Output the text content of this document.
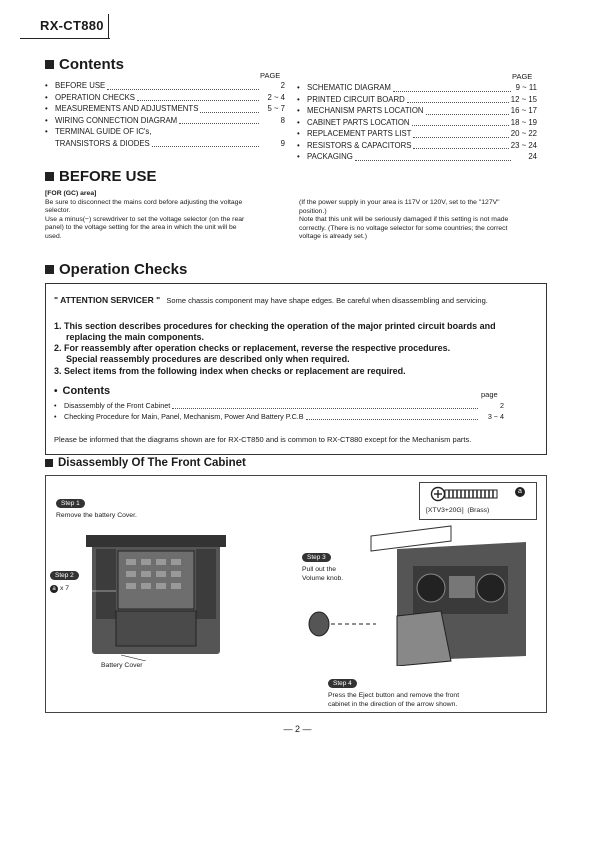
RX-CT880
Contents
PAGE
• BEFORE USE	2
• OPERATION CHECKS	2 ~ 4
• MEASUREMENTS AND ADJUSTMENTS	5 ~ 7
• WIRING CONNECTION DIAGRAM	8
• TERMINAL GUIDE OF IC's,
TRANSISTORS & DIODES	9
PAGE
• SCHEMATIC DIAGRAM	9 ~ 11
• PRINTED CIRCUIT BOARD	12 ~ 15
• MECHANISM PARTS LOCATION	16 ~ 17
• CABINET PARTS LOCATION	18 ~ 19
• REPLACEMENT PARTS LIST	20 ~ 22
• RESISTORS & CAPACITORS	23 ~ 24
• PACKAGING	24
BEFORE USE
[FOR (GC) area]
Be sure to disconnect the mains cord before adjusting the voltage
selector.
Use a minus(−) screwdriver to set the voltage selector (on the rear
panel) to the voltage setting for the area in which the unit will be
used.
(If the power supply in your area is 117V or 120V, set to the "127V"
position.)
Note that this unit will be seriously damaged if this setting is not made
correctly. (There is no voltage selector for some countries; the correct
voltage is already set.)
Operation Checks
" ATTENTION SERVICER " Some chassis component may have shape edges. Be careful when disassembling and servicing.
1. This section describes procedures for checking the operation of the major printed circuit boards and
replacing the main components.
2. For reassembly after operation checks or replacement, reverse the respective procedures.
Special reassembly procedures are described only when required.
3. Select items from the following index when checks or replacement are required.
• Contents	page
•	Disassembly of the Front Cabinet	2
•	Checking Procedure for Main, Panel, Mechanism, Power And Battery P.C.B	3 ~ 4
Please be informed that the diagrams shown are for RX-CT850 and is common to RX-CT880 except for the Mechanism parts.
Disassembly Of The Front Cabinet
Step 1
Remove the battery Cover.
a
[XTV3+20G] (Brass)
Step 2
a x 7
Battery Cover
Step 3
Pull out the
Volume knob.
Step 4
Press the Eject button and remove the front
cabinet in the direction of the arrow shown.
— 2 —
